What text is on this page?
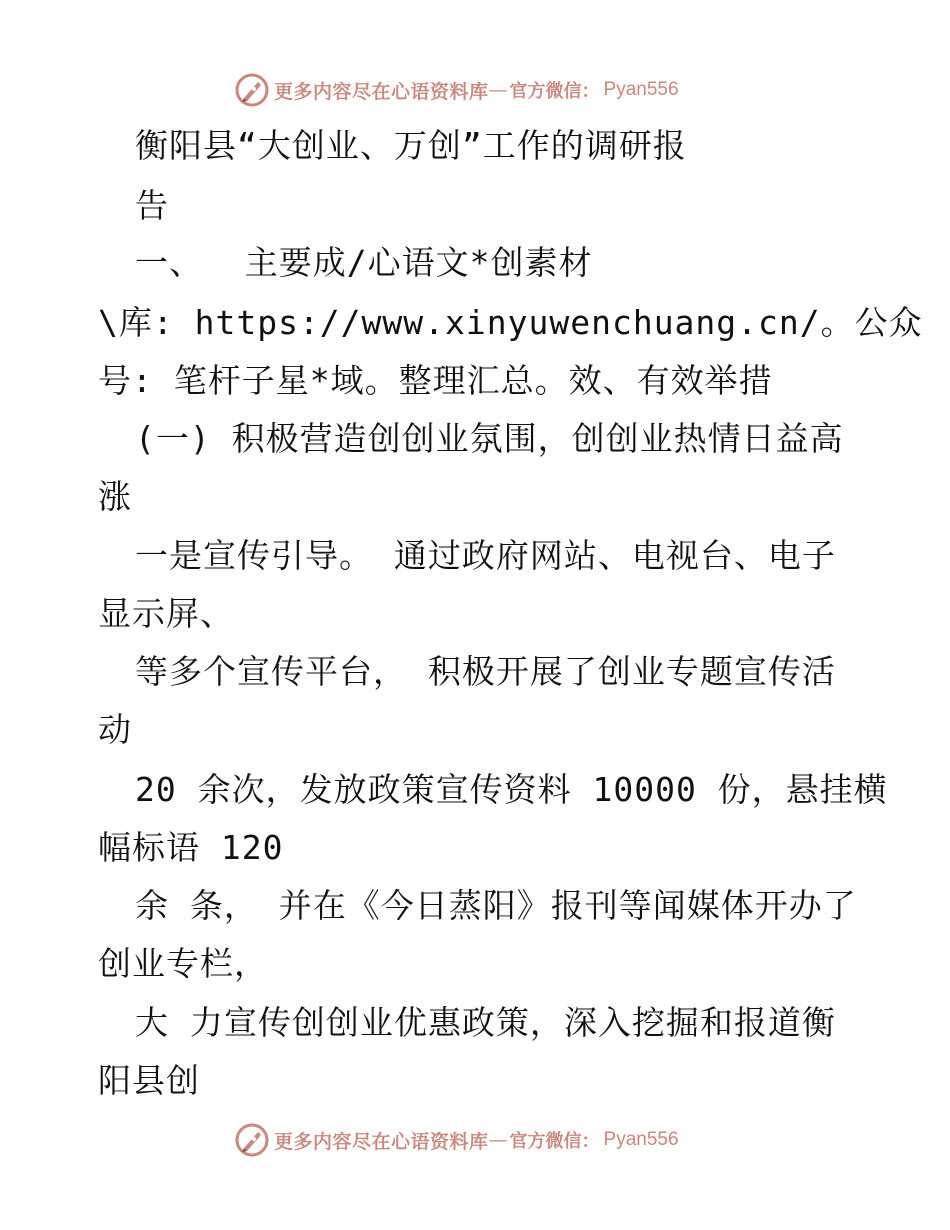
更多内容尽在心语资料库 — 官方微信： Pyan556
衡阳县“大创业、万创”工作的调研报
告
一、  主要成/心语文*创素材
\库: https://www.xinyuwenchuang.cn/。公众
号: 笔杆子星*域。整理汇总。效、有效举措
(一) 积极营造创创业氛围，创创业热情日益高
涨
一是宣传引导。 通过政府网站、电视台、电子
显示屏、
等多个宣传平台， 积极开展了创业专题宣传活
动
20 余次，发放政策宣传资料 10000 份，悬挂横
幅标语 120
余 条， 并在《今日蒸阳》报刊等闻媒体开办了
创业专栏，
大 力宣传创创业优惠政策，深入挖掘和报道衡
阳县创
更多内容尽在心语资料库 — 官方微信： Pyan556
